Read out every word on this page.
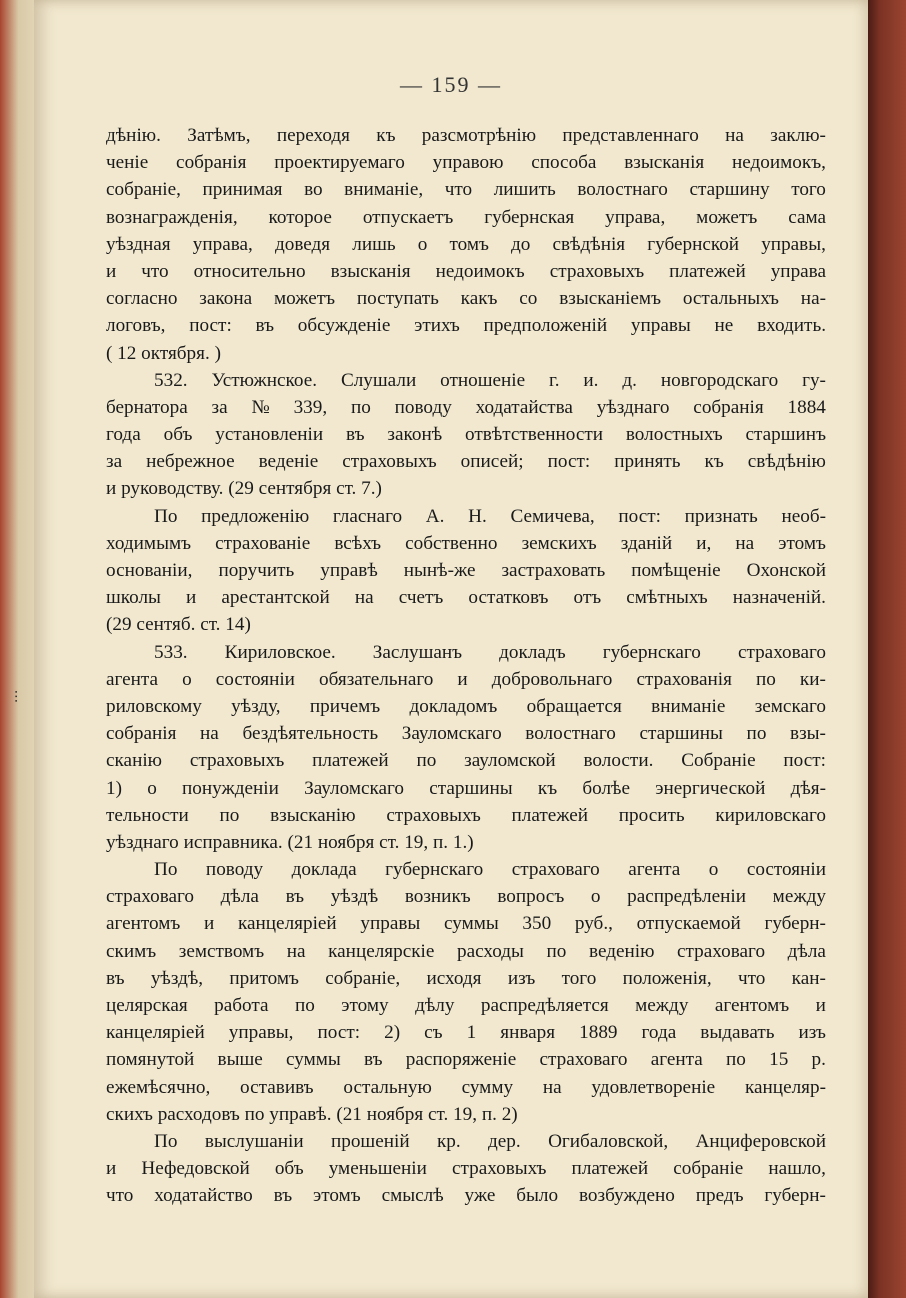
— 159 —
дѣнію. Затѣмъ, переходя къ разсмотрѣнію представленнаго на заклю-
ченіе собранія проектируемаго управою способа взысканія недоимокъ,
собраніе, принимая во вниманіе, что лишить волостнаго старшину того
вознагражденія, которое отпускаетъ губернская управа, можетъ сама
уѣздная управа, доведя лишь о томъ до свѣдѣнія губернской управы,
и что относительно взысканія недоимокъ страховыхъ платежей управа
согласно закона можетъ поступать какъ со взысканіемъ остальныхъ на-
логовъ, пост: въ обсужденіе этихъ предположеній управы не входить.
( 12 октября. )
532. Устюжнское. Слушали отношеніе г. и. д. новгородскаго гу-
бернатора за № 339, по поводу ходатайства уѣзднаго собранія 1884
года объ установленіи въ законѣ отвѣтственности волостныхъ старшинъ
за небрежное веденіе страховыхъ описей; пост: принять къ свѣдѣнію
и руководству. (29 сентября ст. 7.)
По предложенію гласнаго А. Н. Семичева, пост: признать необ-
ходимымъ страхованіе всѣхъ собственно земскихъ зданій и, на этомъ
основаніи, поручить управѣ нынѣ-же застраховать помѣщеніе Охонской
школы и арестантской на счетъ остатковъ отъ смѣтныхъ назначеній.
(29 сентяб. ст. 14)
533. Кириловское. Заслушанъ докладъ губернскаго страховаго
агента о состояніи обязательнаго и добровольнаго страхованія по ки-
риловскому уѣзду, причемъ докладомъ обращается вниманіе земскаго
собранія на бездѣятельность Зауломскаго волостнаго старшины по взы-
сканію страховыхъ платежей по зауломской волости. Собраніе пост:
1) о понужденіи Зауломскаго старшины къ болѣе энергической дѣя-
тельности по взысканію страховыхъ платежей просить кириловскаго
уѣзднаго исправника. (21 ноября ст. 19, п. 1.)
По поводу доклада губернскаго страховаго агента о состояніи
страховаго дѣла въ уѣздѣ возникъ вопросъ о распредѣленіи между
агентомъ и канцеляріей управы суммы 350 руб., отпускаемой губерн-
скимъ земствомъ на канцелярскіе расходы по веденію страховаго дѣла
въ уѣздѣ, притомъ собраніе, исходя изъ того положенія, что кан-
целярская работа по этому дѣлу распредѣляется между агентомъ и
канцеляріей управы, пост: 2) съ 1 января 1889 года выдавать изъ
помянутой выше суммы въ распоряженіе страховаго агента по 15 р.
ежемѣсячно, оставивъ остальную сумму на удовлетвореніе канцеляр-
скихъ расходовъ по управѣ. (21 ноября ст. 19, п. 2)
По выслушаніи прошеній кр. дер. Огибаловской, Анциферовской
и Нефедовской объ уменьшеніи страховыхъ платежей собраніе нашло,
что ходатайство въ этомъ смыслѣ уже было возбуждено предъ губерн-
⫶
